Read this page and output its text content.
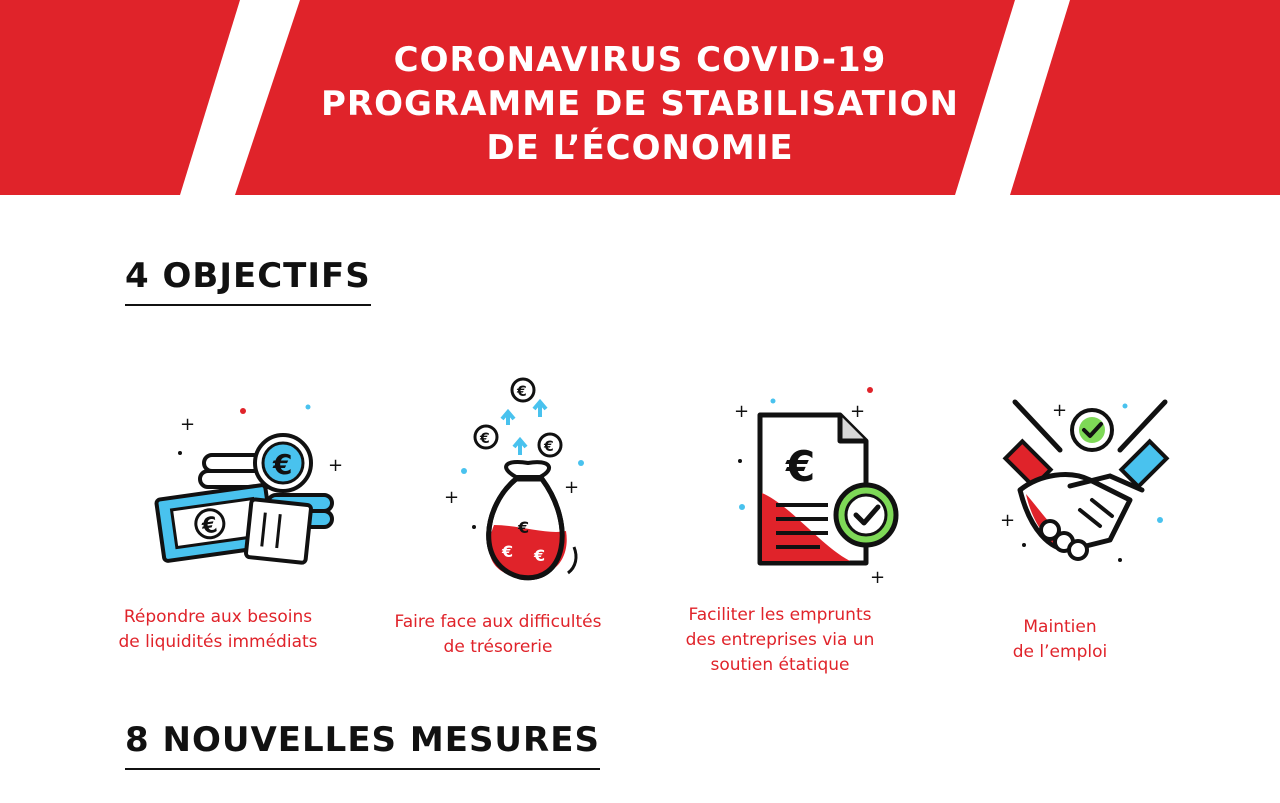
CORONAVIRUS COVID-19
PROGRAMME DE STABILISATION
DE L’ÉCONOMIE
4 OBJECTIFS
+
+
€
€
Répondre aux besoins
de liquidités immédiats
€
€	€
+	+
€
€ €
Faire face aux difficultés
de trésorerie
+	+
+
€
Faciliter les emprunts
des entreprises via un
soutien étatique
+
+
Maintien
de l’emploi
8 NOUVELLES MESURES
